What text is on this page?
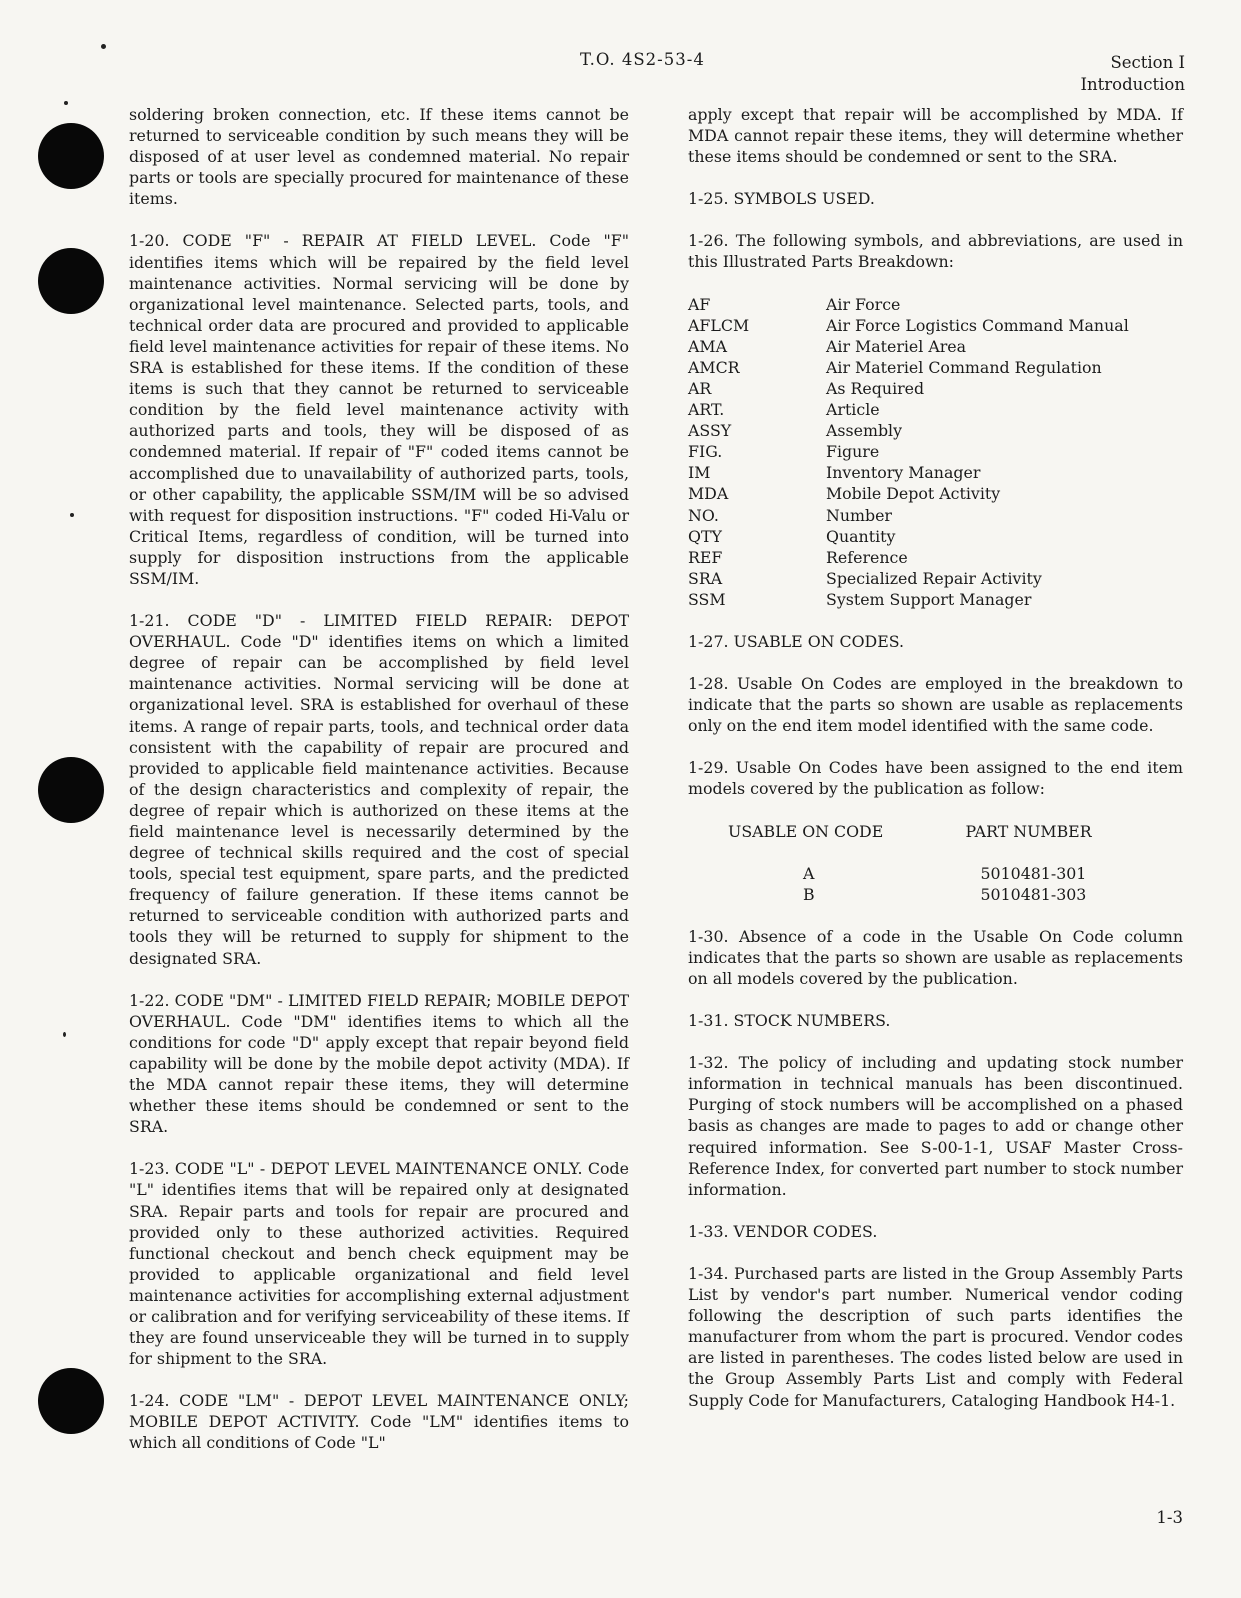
T.O. 4S2-53-4	Section I
Introduction

soldering broken connection, etc. If these items cannot be returned to serviceable condition by such means they will be disposed of at user level as condemned material. No repair parts or tools are specially procured for maintenance of these items.

1-20. CODE "F" - REPAIR AT FIELD LEVEL. Code "F" identifies items which will be repaired by the field level maintenance activities. Normal servicing will be done by organizational level maintenance. Selected parts, tools, and technical order data are procured and provided to applicable field level maintenance activities for repair of these items. No SRA is established for these items. If the condition of these items is such that they cannot be returned to serviceable condition by the field level maintenance activity with authorized parts and tools, they will be disposed of as condemned material. If repair of "F" coded items cannot be accomplished due to unavailability of authorized parts, tools, or other capability, the applicable SSM/IM will be so advised with request for disposition instructions. "F" coded Hi-Valu or Critical Items, regardless of condition, will be turned into supply for disposition instructions from the applicable SSM/IM.

1-21. CODE "D" - LIMITED FIELD REPAIR: DEPOT OVERHAUL. Code "D" identifies items on which a limited degree of repair can be accomplished by field level maintenance activities. Normal servicing will be done at organizational level. SRA is established for overhaul of these items. A range of repair parts, tools, and technical order data consistent with the capability of repair are procured and provided to applicable field maintenance activities. Because of the design characteristics and complexity of repair, the degree of repair which is authorized on these items at the field maintenance level is necessarily determined by the degree of technical skills required and the cost of special tools, special test equipment, spare parts, and the predicted frequency of failure generation. If these items cannot be returned to serviceable condition with authorized parts and tools they will be returned to supply for shipment to the designated SRA.

1-22. CODE "DM" - LIMITED FIELD REPAIR; MOBILE DEPOT OVERHAUL. Code "DM" identifies items to which all the conditions for code "D" apply except that repair beyond field capability will be done by the mobile depot activity (MDA). If the MDA cannot repair these items, they will determine whether these items should be condemned or sent to the SRA.

1-23. CODE "L" - DEPOT LEVEL MAINTENANCE ONLY. Code "L" identifies items that will be repaired only at designated SRA. Repair parts and tools for repair are procured and provided only to these authorized activities. Required functional checkout and bench check equipment may be provided to applicable organizational and field level maintenance activities for accomplishing external adjustment or calibration and for verifying serviceability of these items. If they are found unserviceable they will be turned in to supply for shipment to the SRA.

1-24. CODE "LM" - DEPOT LEVEL MAINTENANCE ONLY; MOBILE DEPOT ACTIVITY. Code "LM" identifies items to which all conditions of Code "L"

apply except that repair will be accomplished by MDA. If MDA cannot repair these items, they will determine whether these items should be condemned or sent to the SRA.

1-25. SYMBOLS USED.

1-26. The following symbols, and abbreviations, are used in this Illustrated Parts Breakdown:

AF	Air Force
AFLCM	Air Force Logistics Command Manual
AMA	Air Materiel Area
AMCR	Air Materiel Command Regulation
AR	As Required
ART.	Article
ASSY	Assembly
FIG.	Figure
IM	Inventory Manager
MDA	Mobile Depot Activity
NO.	Number
QTY	Quantity
REF	Reference
SRA	Specialized Repair Activity
SSM	System Support Manager

1-27. USABLE ON CODES.

1-28. Usable On Codes are employed in the breakdown to indicate that the parts so shown are usable as replacements only on the end item model identified with the same code.

1-29. Usable On Codes have been assigned to the end item models covered by the publication as follow:

USABLE ON CODE	PART NUMBER
A	5010481-301
B	5010481-303

1-30. Absence of a code in the Usable On Code column indicates that the parts so shown are usable as replacements on all models covered by the publication.

1-31. STOCK NUMBERS.

1-32. The policy of including and updating stock number information in technical manuals has been discontinued. Purging of stock numbers will be accomplished on a phased basis as changes are made to pages to add or change other required information. See S-00-1-1, USAF Master Cross-Reference Index, for converted part number to stock number information.

1-33. VENDOR CODES.

1-34. Purchased parts are listed in the Group Assembly Parts List by vendor's part number. Numerical vendor coding following the description of such parts identifies the manufacturer from whom the part is procured. Vendor codes are listed in parentheses. The codes listed below are used in the Group Assembly Parts List and comply with Federal Supply Code for Manufacturers, Cataloging Handbook H4-1.

1-3
